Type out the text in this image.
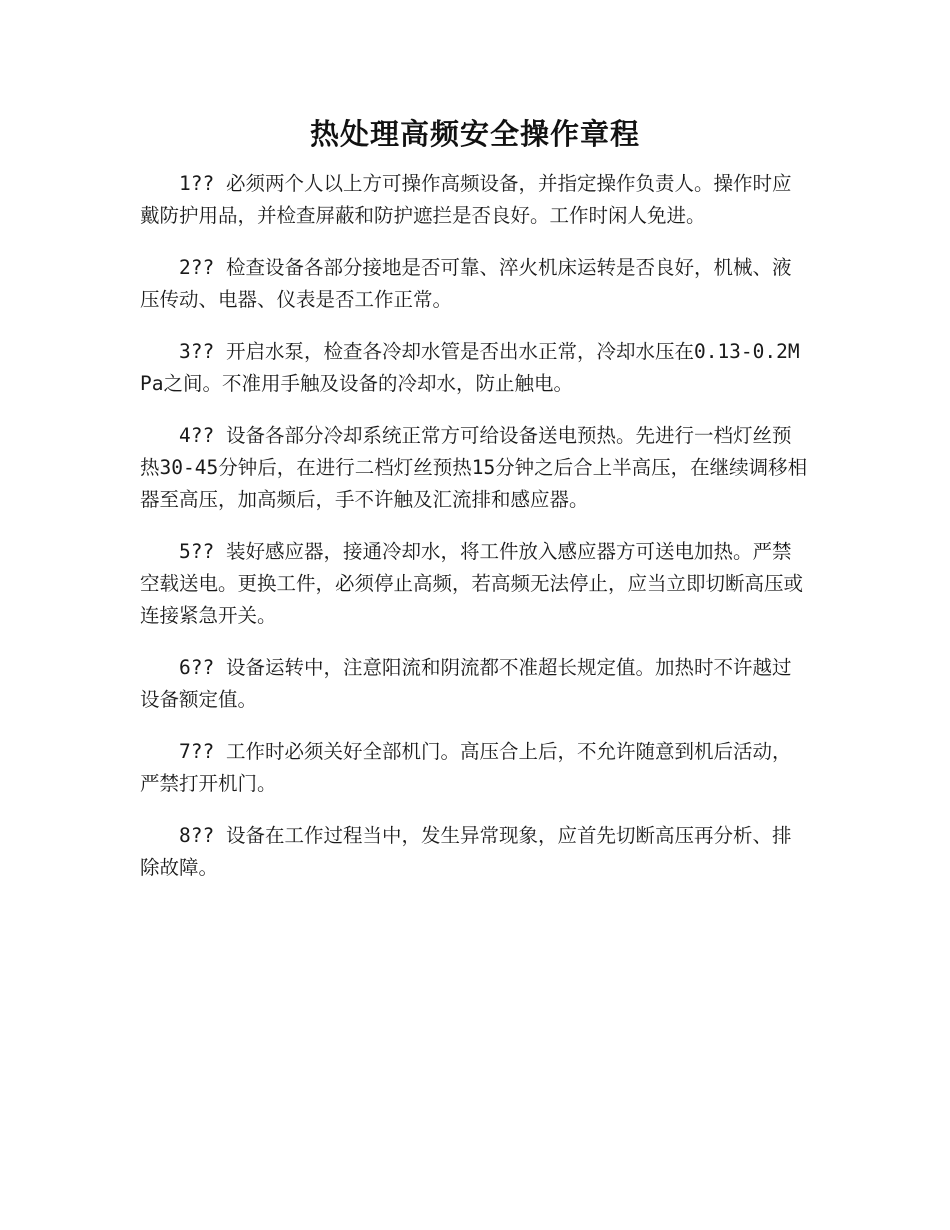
热处理高频安全操作章程

1?? 必须两个人以上方可操作高频设备，并指定操作负责人。操作时应戴防护用品，并检查屏蔽和防护遮拦是否良好。工作时闲人免进。

2?? 检查设备各部分接地是否可靠、淬火机床运转是否良好，机械、液压传动、电器、仪表是否工作正常。

3?? 开启水泵，检查各冷却水管是否出水正常，冷却水压在0.13-0.2MPa之间。不准用手触及设备的冷却水，防止触电。

4?? 设备各部分冷却系统正常方可给设备送电预热。先进行一档灯丝预热30-45分钟后，在进行二档灯丝预热15分钟之后合上半高压，在继续调移相器至高压，加高频后，手不许触及汇流排和感应器。

5?? 装好感应器，接通冷却水，将工件放入感应器方可送电加热。严禁空载送电。更换工件，必须停止高频，若高频无法停止，应当立即切断高压或连接紧急开关。

6?? 设备运转中，注意阳流和阴流都不准超长规定值。加热时不许越过设备额定值。

7?? 工作时必须关好全部机门。高压合上后，不允许随意到机后活动，严禁打开机门。

8?? 设备在工作过程当中，发生异常现象，应首先切断高压再分析、排除故障。
